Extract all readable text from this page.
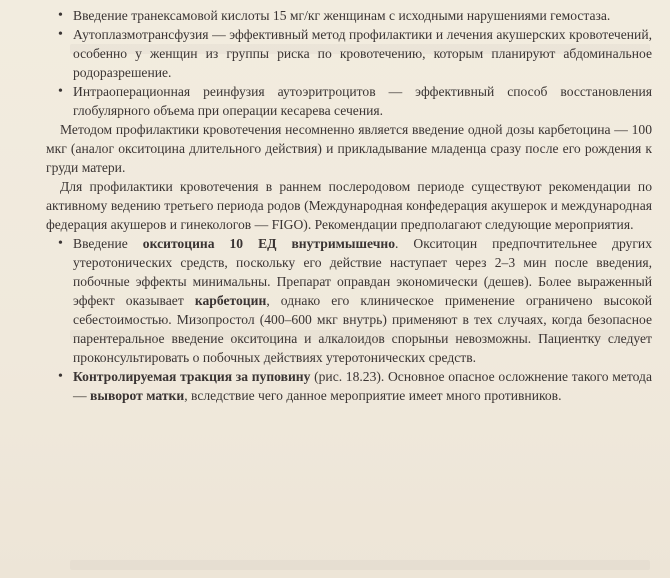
• Введение транексамовой кислоты 15 мг/кг женщинам с исходными нарушениями гемостаза.
• Аутоплазмотрансфузия — эффективный метод профилактики и лечения акушерских кровотечений, особенно у женщин из группы риска по кровотечению, которым планируют абдоминальное родоразрешение.
• Интраоперационная реинфузия аутоэритроцитов — эффективный способ восстановления глобулярного объема при операции кесарева сечения.
Методом профилактики кровотечения несомненно является введение одной дозы карбетоцина — 100 мкг (аналог окситоцина длительного действия) и прикладывание младенца сразу после его рождения к груди матери.
Для профилактики кровотечения в раннем послеродовом периоде существуют рекомендации по активному ведению третьего периода родов (Международная конфедерация акушерок и международная федерация акушеров и гинекологов — FIGO). Рекомендации предполагают следующие мероприятия.
• Введение окситоцина 10 ЕД внутримышечно. Окситоцин предпочтительнее других утеротонических средств, поскольку его действие наступает через 2–3 мин после введения, побочные эффекты минимальны. Препарат оправдан экономически (дешев). Более выраженный эффект оказывает карбетоцин, однако его клиническое применение ограничено высокой себестоимостью. Мизопростол (400–600 мкг внутрь) применяют в тех случаях, когда безопасное парентеральное введение окситоцина и алкалоидов спорыньи невозможны. Пациентку следует проконсультировать о побочных действиях утеротонических средств.
• Контролируемая тракция за пуповину (рис. 18.23). Основное опасное осложнение такого метода — выворот матки, вследствие чего данное мероприятие имеет много противников.
